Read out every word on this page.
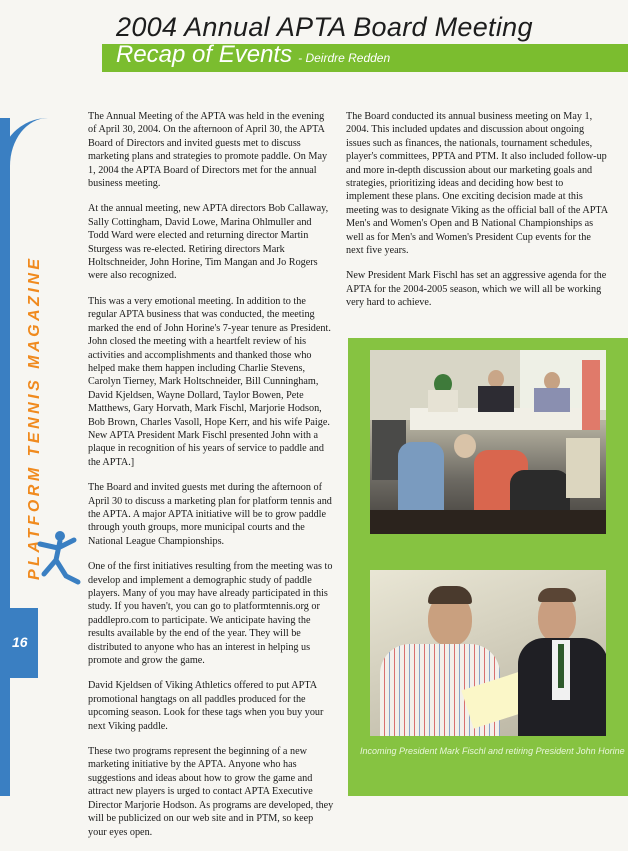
PLATFORM TENNIS MAGAZINE
16
2004 Annual APTA Board Meeting
Recap of Events - Deirdre Redden

The Annual Meeting of the APTA was held in the evening of April 30, 2004. On the afternoon of April 30, the APTA Board of Directors and invited guests met to discuss marketing plans and strategies to promote paddle. On May 1, 2004 the APTA Board of Directors met for the annual business meeting.

At the annual meeting, new APTA directors Bob Callaway, Sally Cottingham, David Lowe, Marina Ohlmuller and Todd Ward were elected and returning director Martin Sturgess was re-elected. Retiring directors Mark Holtschneider, John Horine, Tim Mangan and Jo Rogers were also recognized.

This was a very emotional meeting. In addition to the regular APTA business that was conducted, the meeting marked the end of John Horine's 7-year tenure as President. John closed the meeting with a heartfelt review of his activities and accomplishments and thanked those who helped make them happen including Charlie Stevens, Carolyn Tierney, Mark Holtschneider, Bill Cunningham, David Kjeldsen, Wayne Dollard, Taylor Bowen, Pete Matthews, Gary Horvath, Mark Fischl, Marjorie Hodson, Bob Brown, Charles Vasoll, Hope Kerr, and his wife Paige. New APTA President Mark Fischl presented John with a plaque in recognition of his years of service to paddle and the APTA.]

The Board and invited guests met during the afternoon of April 30 to discuss a marketing plan for platform tennis and the APTA. A major APTA initiative will be to grow paddle through youth groups, more municipal courts and the National League Championships.

One of the first initiatives resulting from the meeting was to develop and implement a demographic study of paddle players. Many of you may have already participated in this study. If you haven't, you can go to platformtennis.org or paddlepro.com to participate. We anticipate having the results available by the end of the year. They will be distributed to anyone who has an interest in helping us promote and grow the game.

David Kjeldsen of Viking Athletics offered to put APTA promotional hangtags on all paddles produced for the upcoming season. Look for these tags when you buy your next Viking paddle.

These two programs represent the beginning of a new marketing initiative by the APTA. Anyone who has suggestions and ideas about how to grow the game and attract new players is urged to contact APTA Executive Director Marjorie Hodson. As programs are developed, they will be publicized on our web site and in PTM, so keep your eyes open.

The Board conducted its annual business meeting on May 1, 2004. This included updates and discussion about ongoing issues such as finances, the nationals, tournament schedules, player's committees, PPTA and PTM. It also included follow-up and more in-depth discussion about our marketing goals and strategies, prioritizing ideas and deciding how best to implement these plans. One exciting decision made at this meeting was to designate Viking as the official ball of the APTA Men's and Women's Open and B National Championships as well as for Men's and Women's President Cup events for the next five years.

New President Mark Fischl has set an aggressive agenda for the APTA for the 2004-2005 season, which we will all be working very hard to achieve.

Incoming President Mark Fischl and retiring President John Horine
